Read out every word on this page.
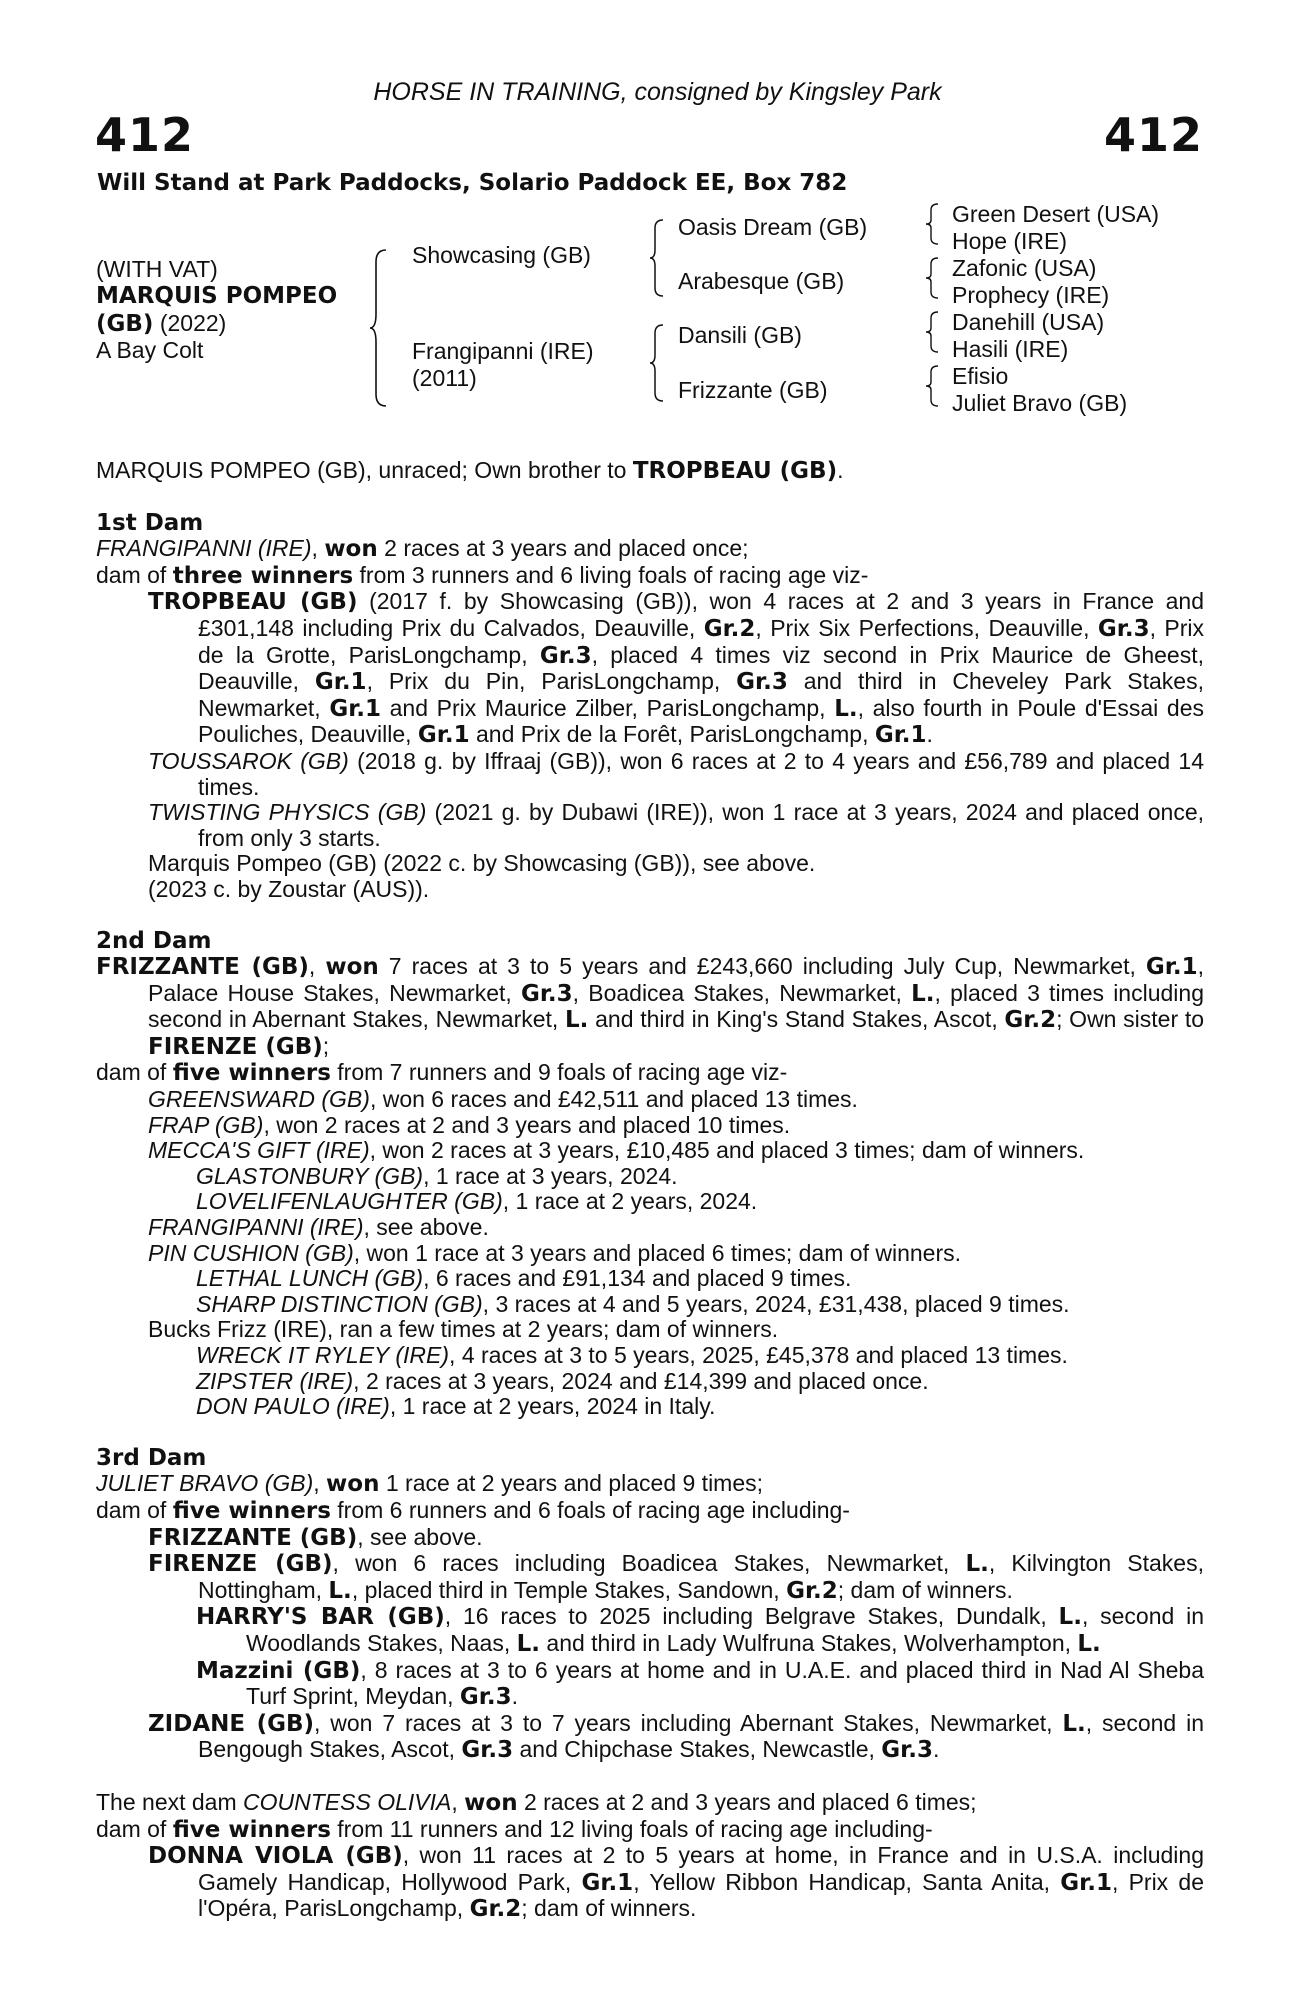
HORSE IN TRAINING, consigned by Kingsley Park
412	412
Will Stand at Park Paddocks, Solario Paddock EE, Box 782
(WITH VAT)
MARQUIS POMPEO
(GB) (2022)
A Bay Colt
Showcasing (GB)
Frangipanni (IRE)
(2011)
Oasis Dream (GB)
Arabesque (GB)
Dansili (GB)
Frizzante (GB)
Green Desert (USA)
Hope (IRE)
Zafonic (USA)
Prophecy (IRE)
Danehill (USA)
Hasili (IRE)
Efisio
Juliet Bravo (GB)

MARQUIS POMPEO (GB), unraced; Own brother to TROPBEAU (GB).

1st Dam

FRANGIPANNI (IRE), won 2 races at 3 years and placed once;

dam of three winners from 3 runners and 6 living foals of racing age viz-

TROPBEAU (GB) (2017 f. by Showcasing (GB)), won 4 races at 2 and 3 years in France and £301,148 including Prix du Calvados, Deauville, Gr.2, Prix Six Perfections, Deauville, Gr.3, Prix de la Grotte, ParisLongchamp, Gr.3, placed 4 times viz second in Prix Maurice de Gheest, Deauville, Gr.1, Prix du Pin, ParisLongchamp, Gr.3 and third in Cheveley Park Stakes, Newmarket, Gr.1 and Prix Maurice Zilber, ParisLongchamp, L., also fourth in Poule d'Essai des Pouliches, Deauville, Gr.1 and Prix de la Forêt, ParisLongchamp, Gr.1.

TOUSSAROK (GB) (2018 g. by Iffraaj (GB)), won 6 races at 2 to 4 years and £56,789 and placed 14 times.

TWISTING PHYSICS (GB) (2021 g. by Dubawi (IRE)), won 1 race at 3 years, 2024 and placed once, from only 3 starts.

Marquis Pompeo (GB) (2022 c. by Showcasing (GB)), see above.

(2023 c. by Zoustar (AUS)).

2nd Dam

FRIZZANTE (GB), won 7 races at 3 to 5 years and £243,660 including July Cup, Newmarket, Gr.1, Palace House Stakes, Newmarket, Gr.3, Boadicea Stakes, Newmarket, L., placed 3 times including second in Abernant Stakes, Newmarket, L. and third in King's Stand Stakes, Ascot, Gr.2; Own sister to FIRENZE (GB);

dam of five winners from 7 runners and 9 foals of racing age viz-

GREENSWARD (GB), won 6 races and £42,511 and placed 13 times.

FRAP (GB), won 2 races at 2 and 3 years and placed 10 times.

MECCA'S GIFT (IRE), won 2 races at 3 years, £10,485 and placed 3 times; dam of winners.

GLASTONBURY (GB), 1 race at 3 years, 2024.

LOVELIFENLAUGHTER (GB), 1 race at 2 years, 2024.

FRANGIPANNI (IRE), see above.

PIN CUSHION (GB), won 1 race at 3 years and placed 6 times; dam of winners.

LETHAL LUNCH (GB), 6 races and £91,134 and placed 9 times.

SHARP DISTINCTION (GB), 3 races at 4 and 5 years, 2024, £31,438, placed 9 times.

Bucks Frizz (IRE), ran a few times at 2 years; dam of winners.

WRECK IT RYLEY (IRE), 4 races at 3 to 5 years, 2025, £45,378 and placed 13 times.

ZIPSTER (IRE), 2 races at 3 years, 2024 and £14,399 and placed once.

DON PAULO (IRE), 1 race at 2 years, 2024 in Italy.

3rd Dam

JULIET BRAVO (GB), won 1 race at 2 years and placed 9 times;

dam of five winners from 6 runners and 6 foals of racing age including-

FRIZZANTE (GB), see above.

FIRENZE (GB), won 6 races including Boadicea Stakes, Newmarket, L., Kilvington Stakes, Nottingham, L., placed third in Temple Stakes, Sandown, Gr.2; dam of winners.

HARRY'S BAR (GB), 16 races to 2025 including Belgrave Stakes, Dundalk, L., second in Woodlands Stakes, Naas, L. and third in Lady Wulfruna Stakes, Wolverhampton, L.

Mazzini (GB), 8 races at 3 to 6 years at home and in U.A.E. and placed third in Nad Al Sheba Turf Sprint, Meydan, Gr.3.

ZIDANE (GB), won 7 races at 3 to 7 years including Abernant Stakes, Newmarket, L., second in Bengough Stakes, Ascot, Gr.3 and Chipchase Stakes, Newcastle, Gr.3.

The next dam COUNTESS OLIVIA, won 2 races at 2 and 3 years and placed 6 times;

dam of five winners from 11 runners and 12 living foals of racing age including-

DONNA VIOLA (GB), won 11 races at 2 to 5 years at home, in France and in U.S.A. including Gamely Handicap, Hollywood Park, Gr.1, Yellow Ribbon Handicap, Santa Anita, Gr.1, Prix de l'Opéra, ParisLongchamp, Gr.2; dam of winners.
